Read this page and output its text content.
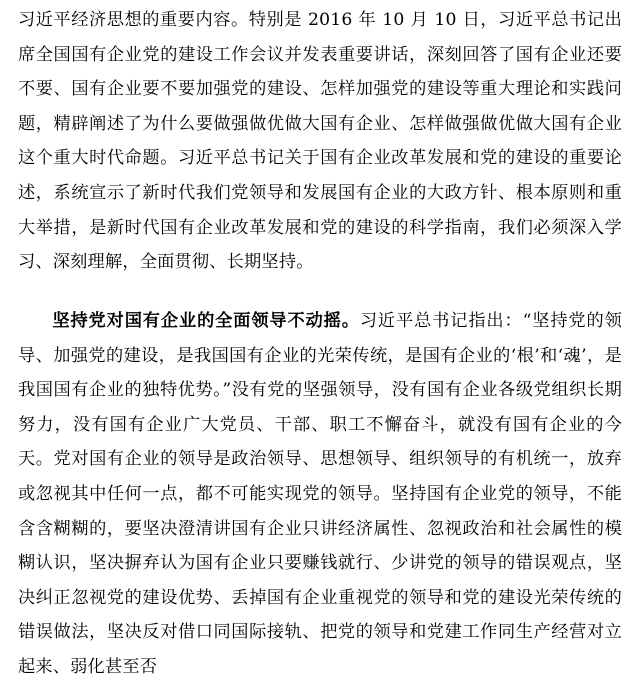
习近平经济思想的重要内容。特别是 2016 年 10 月 10 日，习近平总书记出席全国国有企业党的建设工作会议并发表重要讲话，深刻回答了国有企业还要不要、国有企业要不要加强党的建设、怎样加强党的建设等重大理论和实践问题，精辟阐述了为什么要做强做优做大国有企业、怎样做强做优做大国有企业这个重大时代命题。习近平总书记关于国有企业改革发展和党的建设的重要论述，系统宣示了新时代我们党领导和发展国有企业的大政方针、根本原则和重大举措，是新时代国有企业改革发展和党的建设的科学指南，我们必须深入学习、深刻理解，全面贯彻、长期坚持。

坚持党对国有企业的全面领导不动摇。习近平总书记指出：“坚持党的领导、加强党的建设，是我国国有企业的光荣传统，是国有企业的‘根’和‘魂’，是我国国有企业的独特优势。”没有党的坚强领导，没有国有企业各级党组织长期努力，没有国有企业广大党员、干部、职工不懈奋斗，就没有国有企业的今天。党对国有企业的领导是政治领导、思想领导、组织领导的有机统一，放弃或忽视其中任何一点，都不可能实现党的领导。坚持国有企业党的领导，不能含含糊糊的，要坚决澄清讲国有企业只讲经济属性、忽视政治和社会属性的模糊认识，坚决摒弃认为国有企业只要赚钱就行、少讲党的领导的错误观点，坚决纠正忽视党的建设优势、丢掉国有企业重视党的领导和党的建设光荣传统的错误做法，坚决反对借口同国际接轨、把党的领导和党建工作同生产经营对立起来、弱化甚至否
